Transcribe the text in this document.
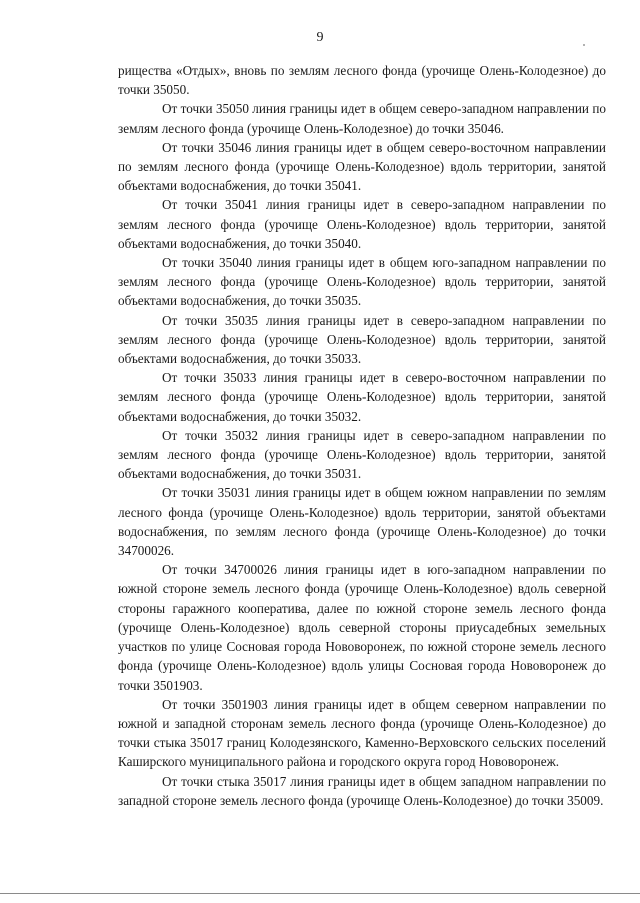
9

рищества «Отдых», вновь по землям лесного фонда (урочище Олень-Колодезное) до точки 35050.

От точки 35050 линия границы идет в общем северо-западном направлении по землям лесного фонда (урочище Олень-Колодезное) до точки 35046.

От точки 35046 линия границы идет в общем северо-восточном направлении по землям лесного фонда (урочище Олень-Колодезное) вдоль территории, занятой объектами водоснабжения, до точки 35041.

От точки 35041 линия границы идет в северо-западном направлении по землям лесного фонда (урочище Олень-Колодезное) вдоль территории, занятой объектами водоснабжения, до точки 35040.

От точки 35040 линия границы идет в общем юго-западном направлении по землям лесного фонда (урочище Олень-Колодезное) вдоль территории, занятой объектами водоснабжения, до точки 35035.

От точки 35035 линия границы идет в северо-западном направлении по землям лесного фонда (урочище Олень-Колодезное) вдоль территории, занятой объектами водоснабжения, до точки 35033.

От точки 35033 линия границы идет в северо-восточном направлении по землям лесного фонда (урочище Олень-Колодезное) вдоль территории, занятой объектами водоснабжения, до точки 35032.

От точки 35032 линия границы идет в северо-западном направлении по землям лесного фонда (урочище Олень-Колодезное) вдоль территории, занятой объектами водоснабжения, до точки 35031.

От точки 35031 линия границы идет в общем южном направлении по землям лесного фонда (урочище Олень-Колодезное) вдоль территории, занятой объектами водоснабжения, по землям лесного фонда (урочище Олень-Колодезное) до точки 34700026.

От точки 34700026 линия границы идет в юго-западном направлении по южной стороне земель лесного фонда (урочище Олень-Колодезное) вдоль северной стороны гаражного кооператива, далее по южной стороне земель лесного фонда (урочище Олень-Колодезное) вдоль северной стороны приусадебных земельных участков по улице Сосновая города Нововоронеж, по южной стороне земель лесного фонда (урочище Олень-Колодезное) вдоль улицы Сосновая города Нововоронеж до точки 3501903.

От точки 3501903 линия границы идет в общем северном направлении по южной и западной сторонам земель лесного фонда (урочище Олень-Колодезное) до точки стыка 35017 границ Колодезянского, Каменно-Верховского сельских поселений Каширского муниципального района и городского округа город Нововоронеж.

От точки стыка 35017 линия границы идет в общем западном направлении по западной стороне земель лесного фонда (урочище Олень-Колодезное) до точки 35009.
